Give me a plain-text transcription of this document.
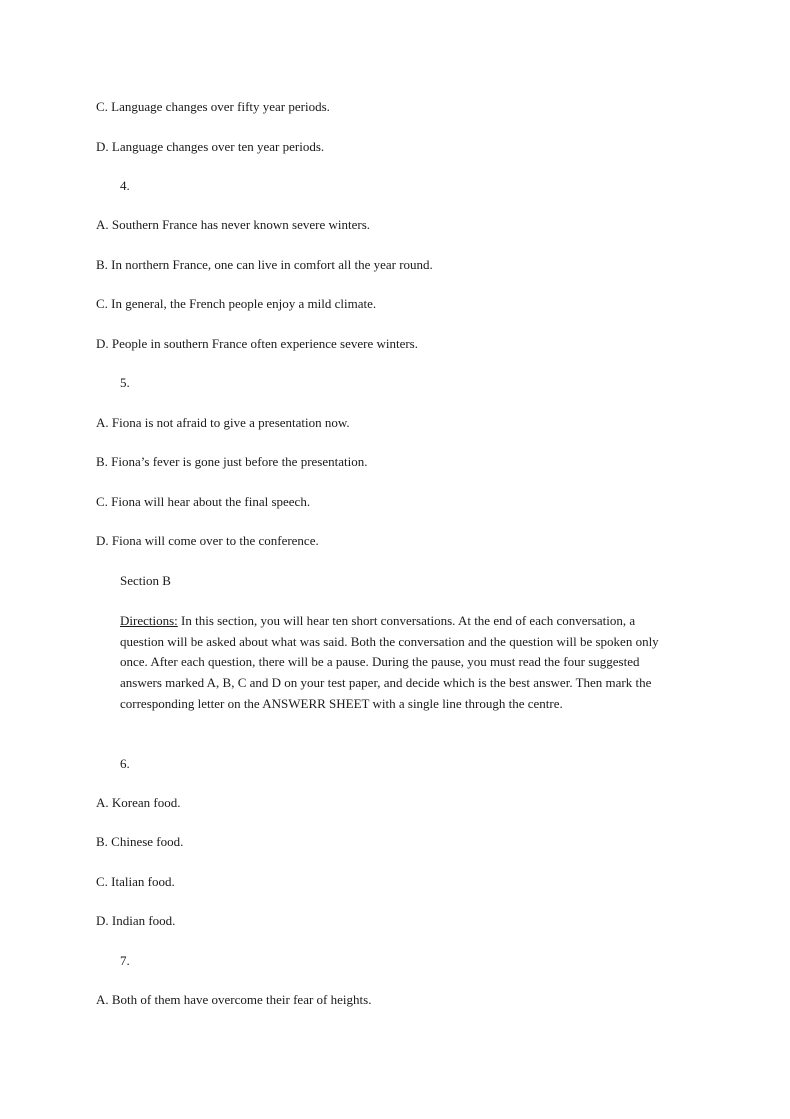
C. Language changes over fifty year periods.
D. Language changes over ten year periods.
4.
A. Southern France has never known severe winters.
B. In northern France, one can live in comfort all the year round.
C. In general, the French people enjoy a mild climate.
D. People in southern France often experience severe winters.
5.
A. Fiona is not afraid to give a presentation now.
B. Fiona’s fever is gone just before the presentation.
C. Fiona will hear about the final speech.
D. Fiona will come over to the conference.
Section B
Directions: In this section, you will hear ten short conversations. At the end of each conversation, a question will be asked about what was said. Both the conversation and the question will be spoken only once. After each question, there will be a pause. During the pause, you must read the four suggested answers marked A, B, C and D on your test paper, and decide which is the best answer. Then mark the corresponding letter on the ANSWERR SHEET with a single line through the centre.
6.
A. Korean food.
B. Chinese food.
C. Italian food.
D. Indian food.
7.
A. Both of them have overcome their fear of heights.
